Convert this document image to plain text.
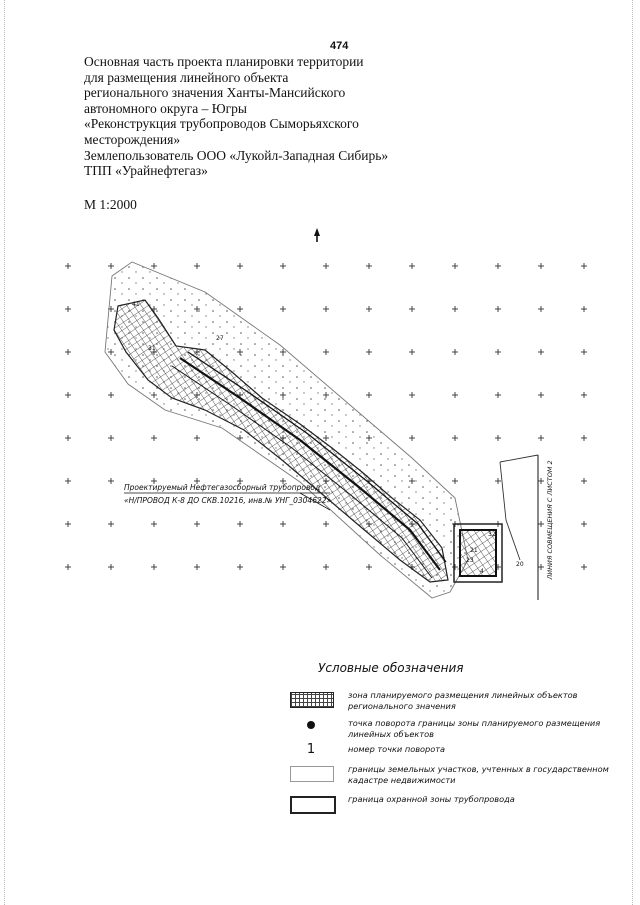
474
Основная часть проекта планировки территории
для размещения линейного объекта
регионального значения Ханты-Мансийского
автономного округа – Югры
«Реконструкция трубопроводов Сыморьяхского
месторождения»
Землепользователь ООО «Лукойл-Западная Сибирь»
ТПП «Урайнефтегаз»
М 1:2000
ЛИНИЯ СОВМЕЩЕНИЯ С ЛИСТОМ 2
Проектируемый Нефтегазосборный трубопровод
«Н/ПРОВОД К-8 ДО СКВ.10216, инв.№ УНГ_0304622»
41
27
31
21
32
4
20
23
Условные обозначения
зона планируемого размещения линейных объектов регионального значения
точка поворота границы зоны планируемого размещения линейных объектов
1	номер точки поворота
границы земельных участков, учтенных в государственном кадастре недвижимости
граница охранной зоны трубопровода
